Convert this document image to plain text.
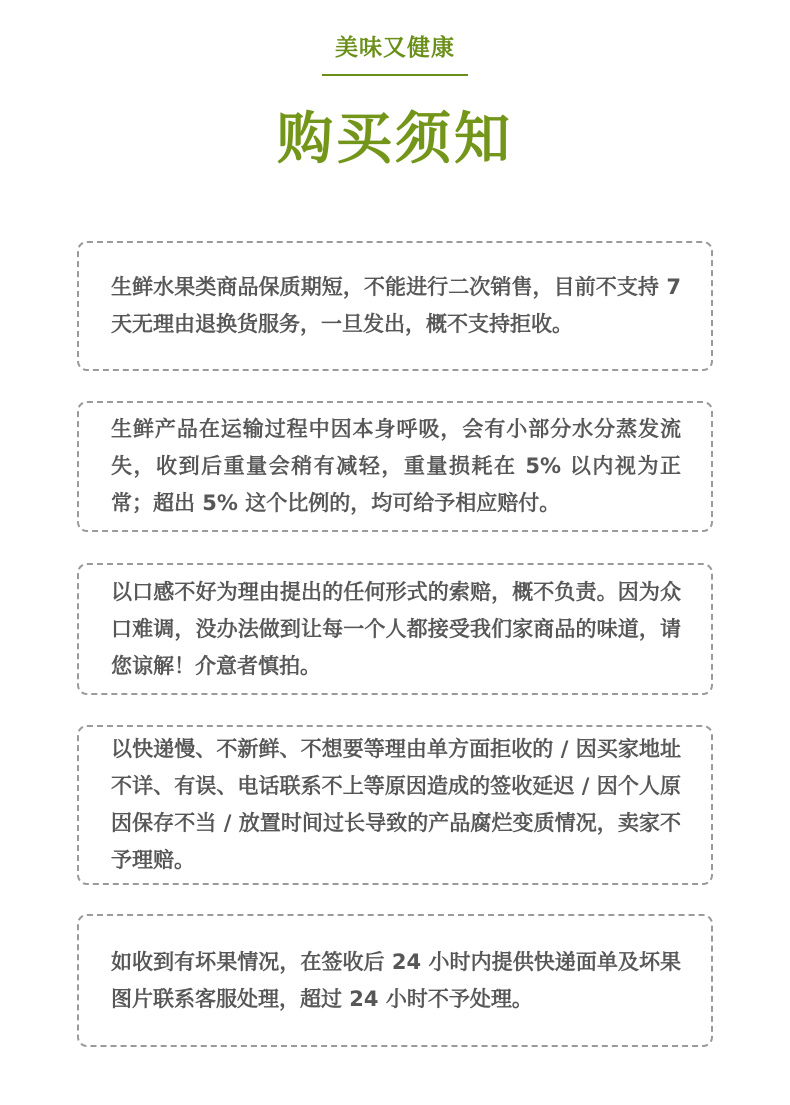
美味又健康
购买须知
生鲜水果类商品保质期短，不能进行二次销售，目前不支持 7 天无理由退换货服务，一旦发出，概不支持拒收。
生鲜产品在运输过程中因本身呼吸，会有小部分水分蒸发流失，收到后重量会稍有减轻，重量损耗在 5% 以内视为正常；超出 5% 这个比例的，均可给予相应赔付。
以口感不好为理由提出的任何形式的索赔，概不负责。因为众口难调，没办法做到让每一个人都接受我们家商品的味道，请您谅解！介意者慎拍。
以快递慢、不新鲜、不想要等理由单方面拒收的 / 因买家地址不详、有误、电话联系不上等原因造成的签收延迟 / 因个人原因保存不当 / 放置时间过长导致的产品腐烂变质情况，卖家不予理赔。
如收到有坏果情况，在签收后 24 小时内提供快递面单及坏果图片联系客服处理，超过 24 小时不予处理。
